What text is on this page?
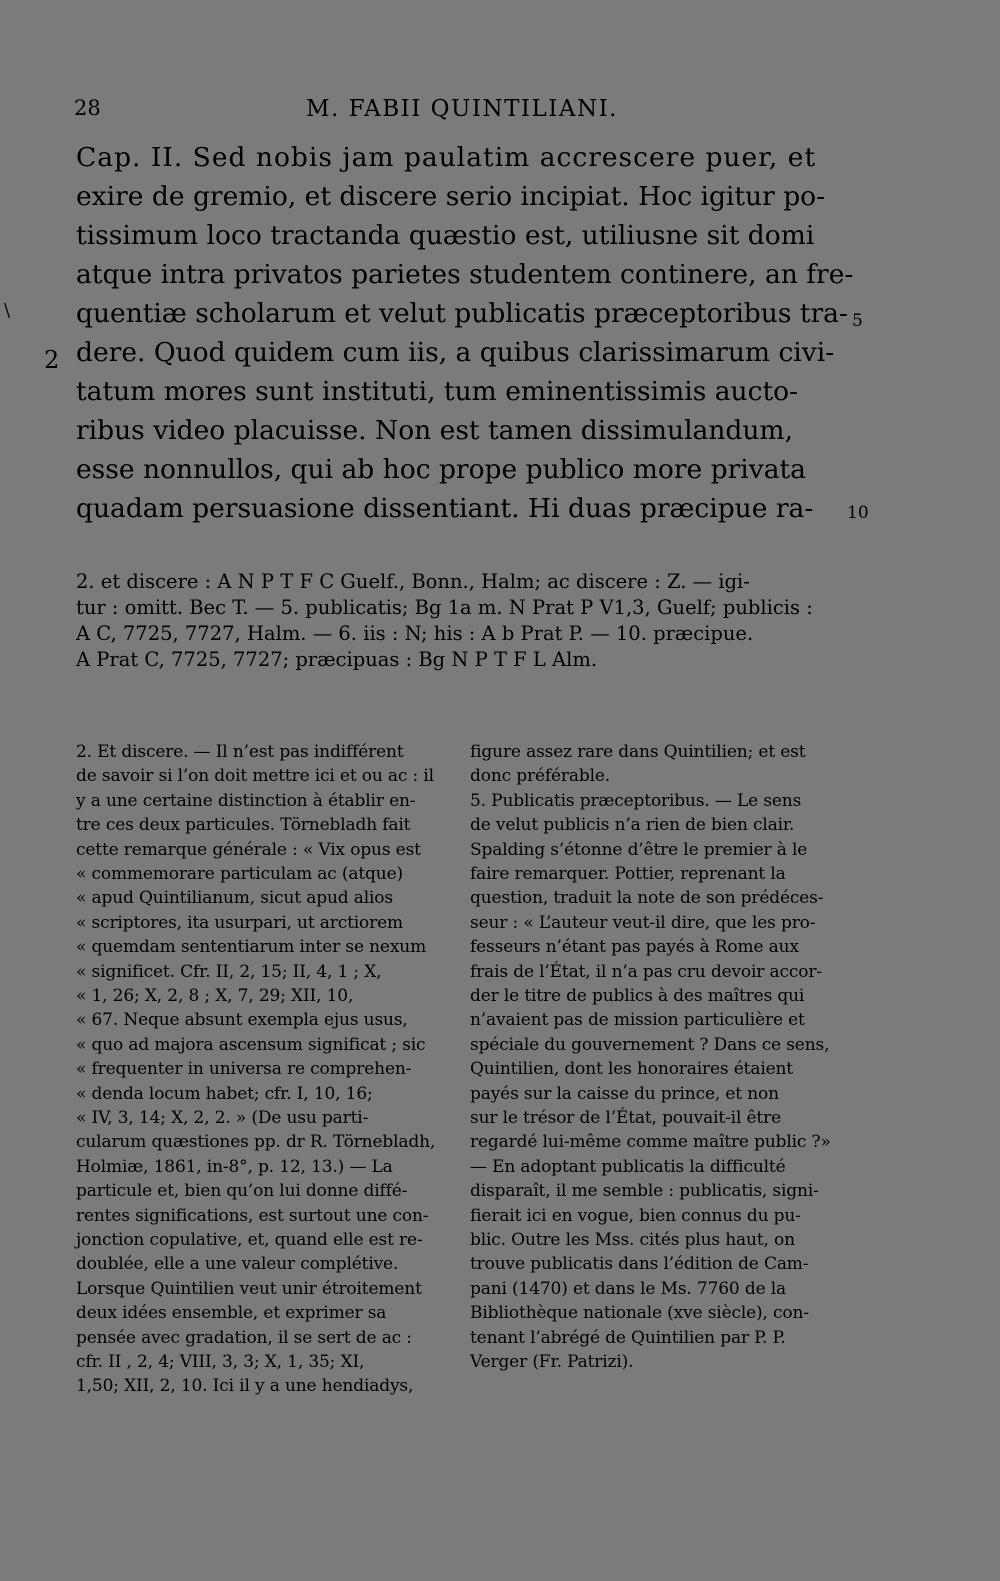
28	M. FABII QUINTILIANI.
\
2
5
10
Cap. II. Sed nobis jam paulatim accrescere puer, et
exire de gremio, et discere serio incipiat. Hoc igitur po-
tissimum loco tractanda quæstio est, utiliusne sit domi
atque intra privatos parietes studentem continere, an fre-
quentiæ scholarum et velut publicatis præceptoribus tra-
dere. Quod quidem cum iis, a quibus clarissimarum civi-
tatum mores sunt instituti, tum eminentissimis aucto-
ribus video placuisse. Non est tamen dissimulandum,
esse nonnullos, qui ab hoc prope publico more privata
quadam persuasione dissentiant. Hi duas præcipue ra-
2. et discere : A N P T F C Guelf., Bonn., Halm; ac discere : Z. — igi-
tur : omitt. Bec T. — 5. publicatis; Bg 1a m. N Prat P V1,3, Guelf; publicis :
A C, 7725, 7727, Halm. — 6. iis : N; his : A b Prat P. — 10. præcipue.
A Prat C, 7725, 7727; præcipuas : Bg N P T F L Alm.
2. Et discere. — Il n’est pas indifférent
de savoir si l’on doit mettre ici et ou ac : il
y a une certaine distinction à établir en-
tre ces deux particules. Törnebladh fait
cette remarque générale : « Vix opus est
« commemorare particulam ac (atque)
« apud Quintilianum, sicut apud alios
« scriptores, ita usurpari, ut arctiorem
« quemdam sententiarum inter se nexum
« significet. Cfr. II, 2, 15; II, 4, 1 ; X,
« 1, 26; X, 2, 8 ; X, 7, 29; XII, 10,
« 67. Neque absunt exempla ejus usus,
« quo ad majora ascensum significat ; sic
« frequenter in universa re comprehen-
« denda locum habet; cfr. I, 10, 16;
« IV, 3, 14; X, 2, 2. » (De usu parti-
cularum quæstiones pp. dr R. Törnebladh,
Holmiæ, 1861, in-8°, p. 12, 13.) — La
particule et, bien qu’on lui donne diffé-
rentes significations, est surtout une con-
jonction copulative, et, quand elle est re-
doublée, elle a une valeur complétive.
Lorsque Quintilien veut unir étroitement
deux idées ensemble, et exprimer sa
pensée avec gradation, il se sert de ac :
cfr. II , 2, 4; VIII, 3, 3; X, 1, 35; XI,
1,50; XII, 2, 10. Ici il y a une hendiadys,
figure assez rare dans Quintilien; et est
donc préférable.
5. Publicatis præceptoribus. — Le sens
de velut publicis n’a rien de bien clair.
Spalding s’étonne d’être le premier à le
faire remarquer. Pottier, reprenant la
question, traduit la note de son prédéces-
seur : « L’auteur veut-il dire, que les pro-
fesseurs n’étant pas payés à Rome aux
frais de l’État, il n’a pas cru devoir accor-
der le titre de publics à des maîtres qui
n’avaient pas de mission particulière et
spéciale du gouvernement ? Dans ce sens,
Quintilien, dont les honoraires étaient
payés sur la caisse du prince, et non
sur le trésor de l’État, pouvait-il être
regardé lui-même comme maître public ?»
— En adoptant publicatis la difficulté
disparaît, il me semble : publicatis, signi-
fierait ici en vogue, bien connus du pu-
blic. Outre les Mss. cités plus haut, on
trouve publicatis dans l’édition de Cam-
pani (1470) et dans le Ms. 7760 de la
Bibliothèque nationale (xve siècle), con-
tenant l’abrégé de Quintilien par P. P.
Verger (Fr. Patrizi).
